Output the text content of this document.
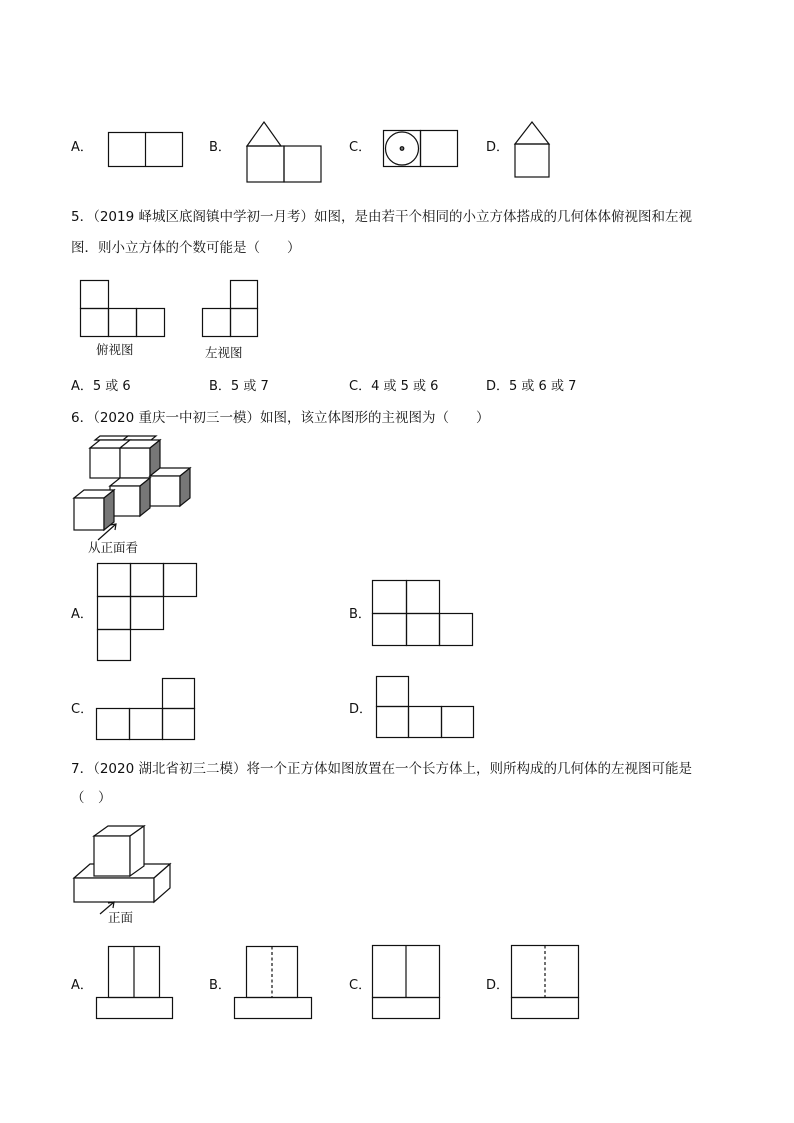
A．	B．	C．	D．
5．（2019 峄城区底阁镇中学初一月考）如图，是由若干个相同的小立方体搭成的几何体体俯视图和左视
图．则小立方体的个数可能是（　　）
俯视图	左视图
A．5 或 6	B．5 或 7	C．4 或 5 或 6	D．5 或 6 或 7
6．（2020 重庆一中初三一模）如图，该立体图形的主视图为（　　）
从正面看
A．	B．
C．	D．
7．（2020 湖北省初三二模）将一个正方体如图放置在一个长方体上，则所构成的几何体的左视图可能是
（　）
正面
A．	B．	C．	D．
